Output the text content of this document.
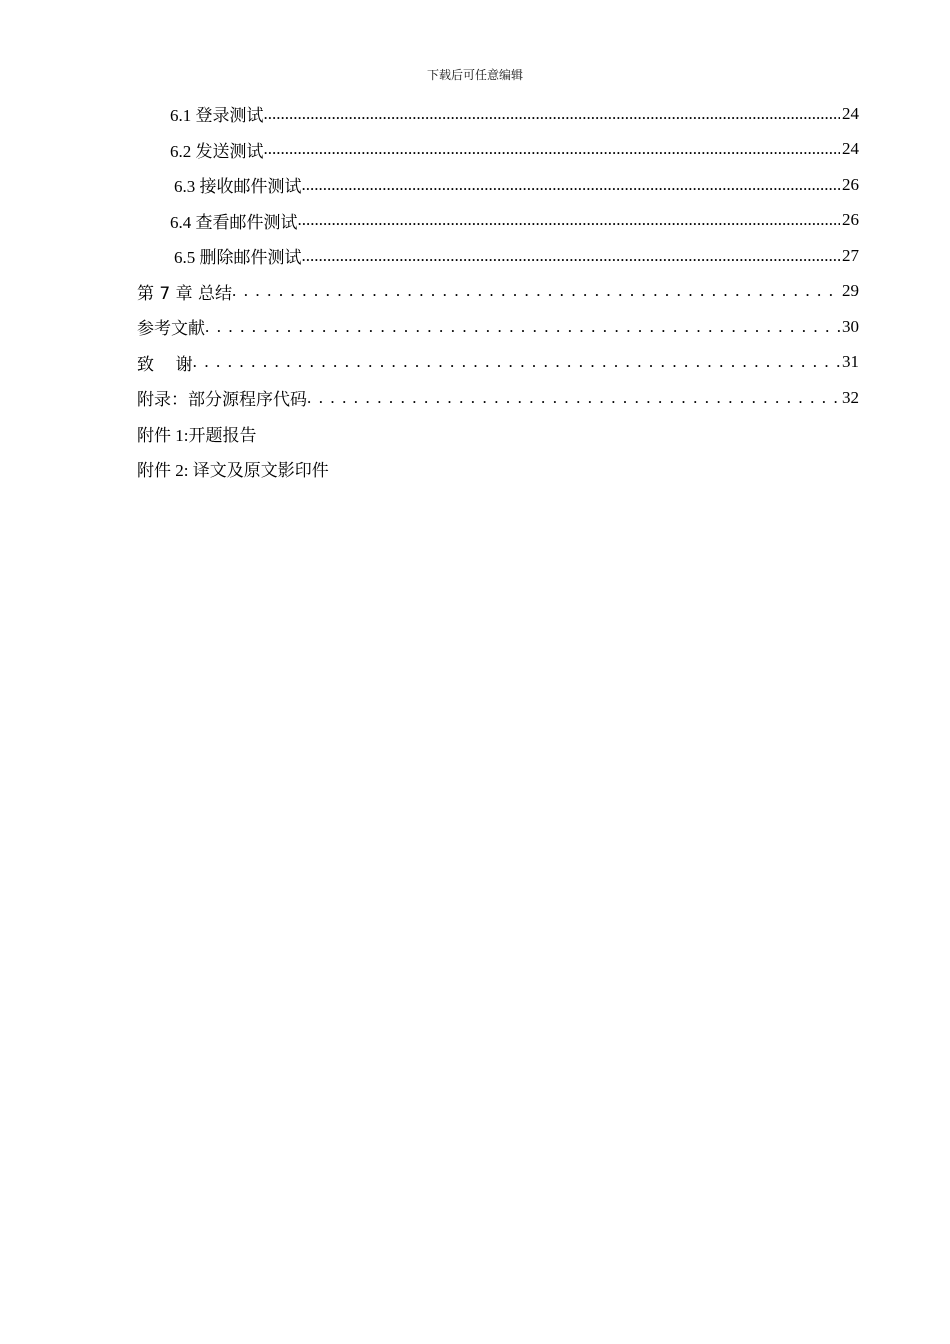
下载后可任意编辑
6.1 登录测试 .....	24
6.2 发送测试 .....	24
6.3 接收邮件测试 .....	26
6.4 查看邮件测试 .....	26
6.5 删除邮件测试 .....	27
第 7 章 总结 . . .	29
参考文献 . . .	30
致    谢 . . .	31
附录：部分源程序代码 . . .	32
附件 1:开题报告
附件 2: 译文及原文影印件
